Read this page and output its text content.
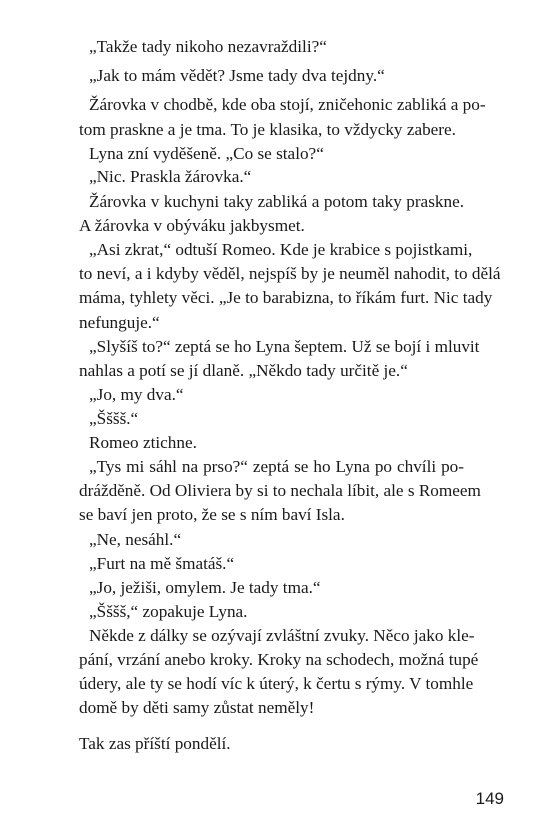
„Takže tady nikoho nezavraždili?“
„Jak to mám vědět? Jsme tady dva tejdny.“
Žárovka v chodbě, kde oba stojí, zničehonic zabliká a po-
tom praskne a je tma. To je klasika, to vždycky zabere.
Lyna zní vyděšeně. „Co se stalo?“
„Nic. Praskla žárovka.“
Žárovka v kuchyni taky zabliká a potom taky praskne.
A žárovka v obýváku jakbysmet.
„Asi zkrat,“ odtuší Romeo. Kde je krabice s pojistkami,
to neví, a i kdyby věděl, nejspíš by je neuměl nahodit, to dělá
máma, tyhlety věci. „Je to barabizna, to říkám furt. Nic tady
nefunguje.“
„Slyšíš to?“ zeptá se ho Lyna šeptem. Už se bojí i mluvit
nahlas a potí se jí dlaně. „Někdo tady určitě je.“
„Jo, my dva.“
„Šššš.“
Romeo ztichne.
„Tys mi sáhl na prso?“ zeptá se ho Lyna po chvíli po-
drážděně. Od Oliviera by si to nechala líbit, ale s Romeem
se baví jen proto, že se s ním baví Isla.
„Ne, nesáhl.“
„Furt na mě šmatáš.“
„Jo, ježiši, omylem. Je tady tma.“
„Šššš,“ zopakuje Lyna.
Někde z dálky se ozývají zvláštní zvuky. Něco jako kle-
pání, vrzání anebo kroky. Kroky na schodech, možná tupé
údery, ale ty se hodí víc k úterý, k čertu s rýmy. V tomhle
domě by děti samy zůstat neměly!
Tak zas příští pondělí.
149
